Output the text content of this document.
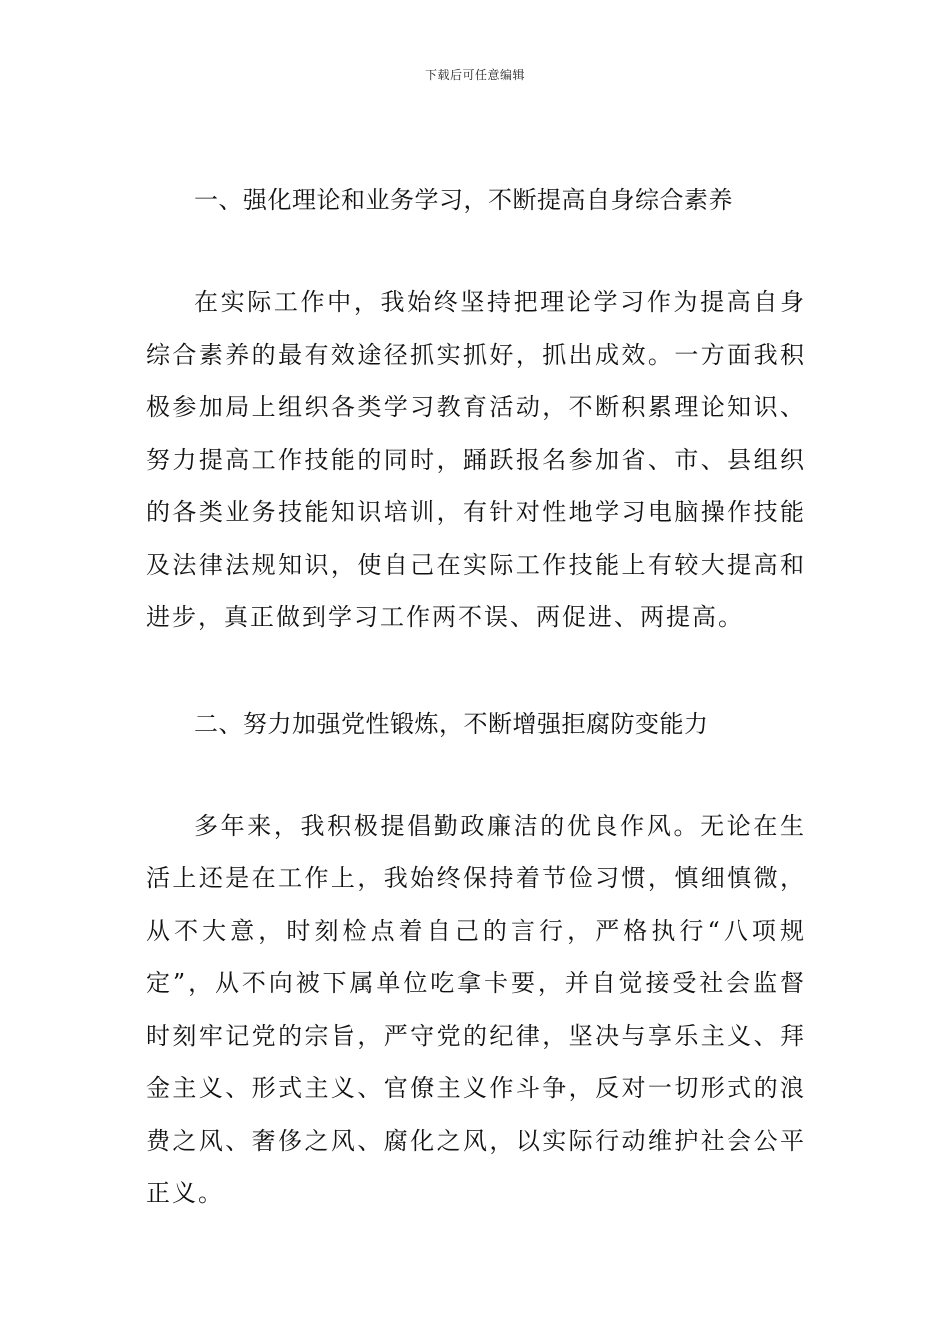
下载后可任意编辑
一、强化理论和业务学习，不断提高自身综合素养

在实际工作中，我始终坚持把理论学习作为提高自身综合素养的最有效途径抓实抓好，抓出成效。一方面我积极参加局上组织各类学习教育活动，不断积累理论知识、努力提高工作技能的同时，踊跃报名参加省、市、县组织的各类业务技能知识培训，有针对性地学习电脑操作技能及法律法规知识，使自己在实际工作技能上有较大提高和进步，真正做到学习工作两不误、两促进、两提高。

二、努力加强党性锻炼，不断增强拒腐防变能力

多年来，我积极提倡勤政廉洁的优良作风。无论在生活上还是在工作上，我始终保持着节俭习惯，慎细慎微，从不大意，时刻检点着自己的言行，严格执行“八项规定”，从不向被下属单位吃拿卡要，并自觉接受社会监督时刻牢记党的宗旨，严守党的纪律，坚决与享乐主义、拜金主义、形式主义、官僚主义作斗争，反对一切形式的浪费之风、奢侈之风、腐化之风，以实际行动维护社会公平正义。
